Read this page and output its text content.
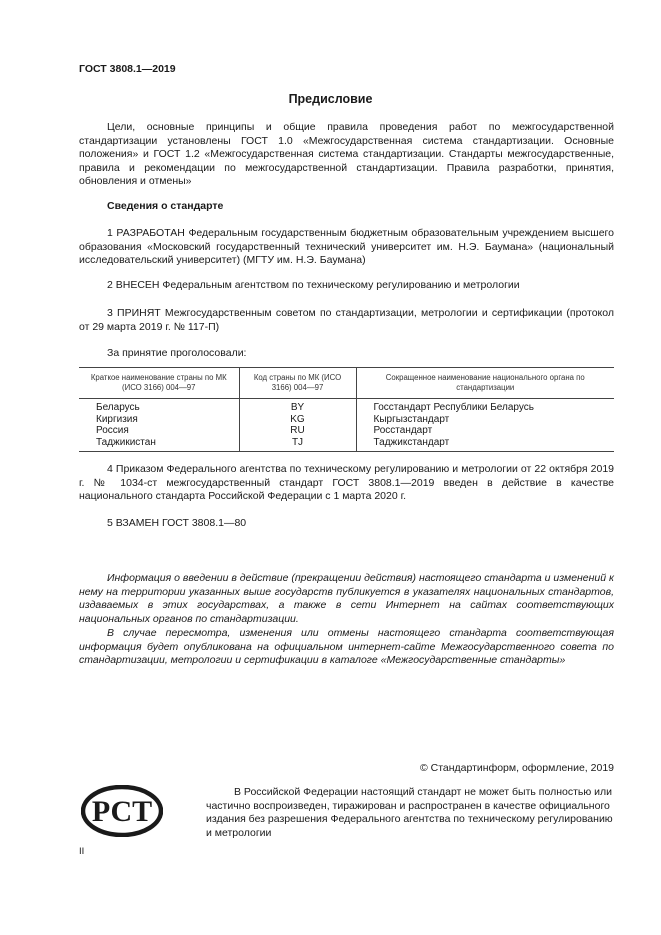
ГОСТ 3808.1—2019
Предисловие
Цели, основные принципы и общие правила проведения работ по межгосударственной стандартизации установлены ГОСТ 1.0 «Межгосударственная система стандартизации. Основные положения» и ГОСТ 1.2 «Межгосударственная система стандартизации. Стандарты межгосударственные, правила и рекомендации по межгосударственной стандартизации. Правила разработки, принятия, обновления и отмены»
Сведения о стандарте
1 РАЗРАБОТАН Федеральным государственным бюджетным образовательным учреждением высшего образования «Московский государственный технический университет им. Н.Э. Баумана» (национальный исследовательский университет) (МГТУ им. Н.Э. Баумана)
2 ВНЕСЕН Федеральным агентством по техническому регулированию и метрологии
3 ПРИНЯТ Межгосударственным советом по стандартизации, метрологии и сертификации (протокол от 29 марта 2019 г. № 117-П)
За принятие проголосовали:
Краткое наименование страны по МК (ИСО 3166) 004—97	Код страны по МК (ИСО 3166) 004—97	Сокращенное наименование национального органа по стандартизации
Беларусь	BY	Госстандарт Республики Беларусь
Киргизия	KG	Кыргызстандарт
Россия	RU	Росстандарт
Таджикистан	TJ	Таджикстандарт
4 Приказом Федерального агентства по техническому регулированию и метрологии от 22 октября 2019 г. № 1034-ст межгосударственный стандарт ГОСТ 3808.1—2019 введен в действие в качестве национального стандарта Российской Федерации с 1 марта 2020 г.
5 ВЗАМЕН ГОСТ 3808.1—80
Информация о введении в действие (прекращении действия) настоящего стандарта и изменений к нему на территории указанных выше государств публикуется в указателях национальных стандартов, издаваемых в этих государствах, а также в сети Интернет на сайтах соответствующих национальных органов по стандартизации.
В случае пересмотра, изменения или отмены настоящего стандарта соответствующая информация будет опубликована на официальном интернет-сайте Межгосударственного совета по стандартизации, метрологии и сертификации в каталоге «Межгосударственные стандарты»
© Стандартинформ, оформление, 2019
РСТ
В Российской Федерации настоящий стандарт не может быть полностью или частично воспроизведен, тиражирован и распространен в качестве официального издания без разрешения Федерального агентства по техническому регулированию и метрологии
II
